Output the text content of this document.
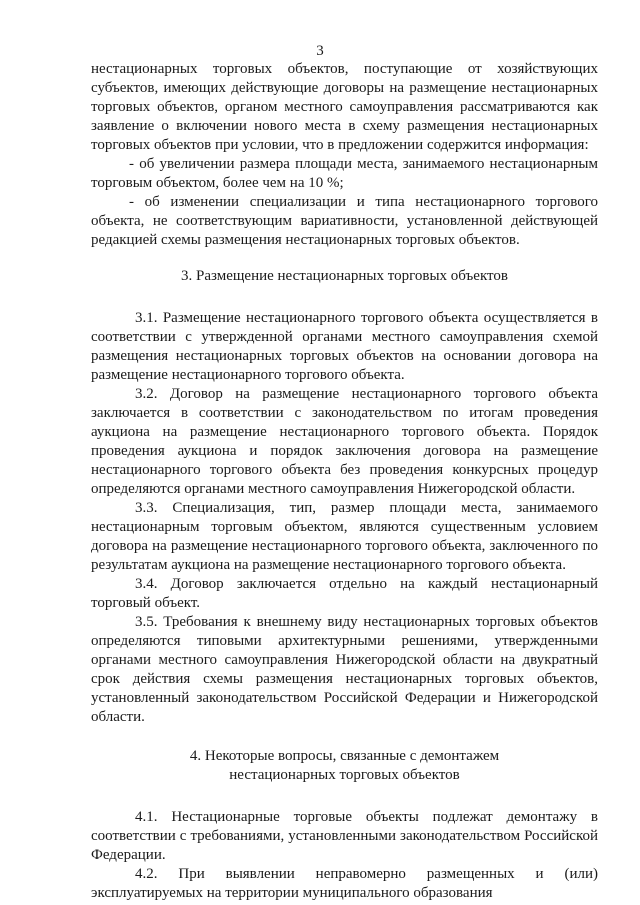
3

нестационарных торговых объектов, поступающие от хозяйствующих субъектов, имеющих действующие договоры на размещение нестационарных торговых объектов, органом местного самоуправления рассматриваются как заявление о включении нового места в схему размещения нестационарных торговых объектов при условии, что в предложении содержится информация:

- об увеличении размера площади места, занимаемого нестационарным торговым объектом, более чем на 10 %;

- об изменении специализации и типа нестационарного торгового объекта, не соответствующим вариативности, установленной действующей редакцией схемы размещения нестационарных торговых объектов.

3. Размещение нестационарных торговых объектов

3.1. Размещение нестационарного торгового объекта осуществляется в соответствии с утвержденной органами местного самоуправления схемой размещения нестационарных торговых объектов на основании договора на размещение нестационарного торгового объекта.

3.2. Договор на размещение нестационарного торгового объекта заключается в соответствии с законодательством по итогам проведения аукциона на размещение нестационарного торгового объекта. Порядок проведения аукциона и порядок заключения договора на размещение нестационарного торгового объекта без проведения конкурсных процедур определяются органами местного самоуправления Нижегородской области.

3.3. Специализация, тип, размер площади места, занимаемого нестационарным торговым объектом, являются существенным условием договора на размещение нестационарного торгового объекта, заключенного по результатам аукциона на размещение нестационарного торгового объекта.

3.4. Договор заключается отдельно на каждый нестационарный торговый объект.

3.5. Требования к внешнему виду нестационарных торговых объектов определяются типовыми архитектурными решениями, утвержденными органами местного самоуправления Нижегородской области на двукратный срок действия схемы размещения нестационарных торговых объектов, установленный законодательством Российской Федерации и Нижегородской области.

4. Некоторые вопросы, связанные с демонтажем

нестационарных торговых объектов

4.1. Нестационарные торговые объекты подлежат демонтажу в соответствии с требованиями, установленными законодательством Российской Федерации.

4.2. При выявлении неправомерно размещенных и (или) эксплуатируемых на территории муниципального образования
